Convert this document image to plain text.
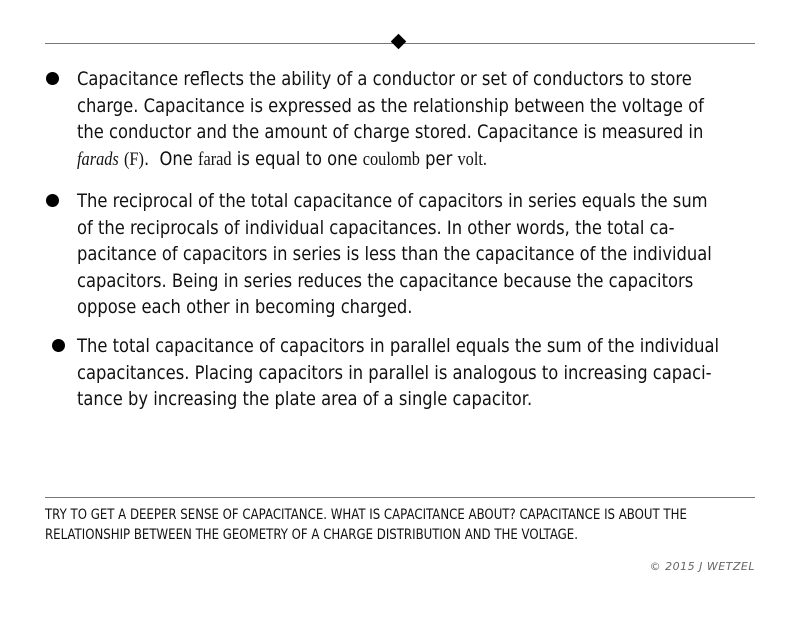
Capacitance reflects the ability of a conductor or set of conductors to store
charge. Capacitance is expressed as the relationship between the voltage of
the conductor and the amount of charge stored. Capacitance is measured in
farads (F).  One farad is equal to one coulomb per volt.
The reciprocal of the total capacitance of capacitors in series equals the sum
of the reciprocals of individual capacitances. In other words, the total ca-
pacitance of capacitors in series is less than the capacitance of the individual
capacitors. Being in series reduces the capacitance because the capacitors
oppose each other in becoming charged.
The total capacitance of capacitors in parallel equals the sum of the individual
capacitances. Placing capacitors in parallel is analogous to increasing capaci-
tance by increasing the plate area of a single capacitor.
TRY TO GET A DEEPER SENSE OF CAPACITANCE. WHAT IS CAPACITANCE ABOUT? CAPACITANCE IS ABOUT THE
RELATIONSHIP BETWEEN THE GEOMETRY OF A CHARGE DISTRIBUTION AND THE VOLTAGE.
© 2015 J WETZEL
